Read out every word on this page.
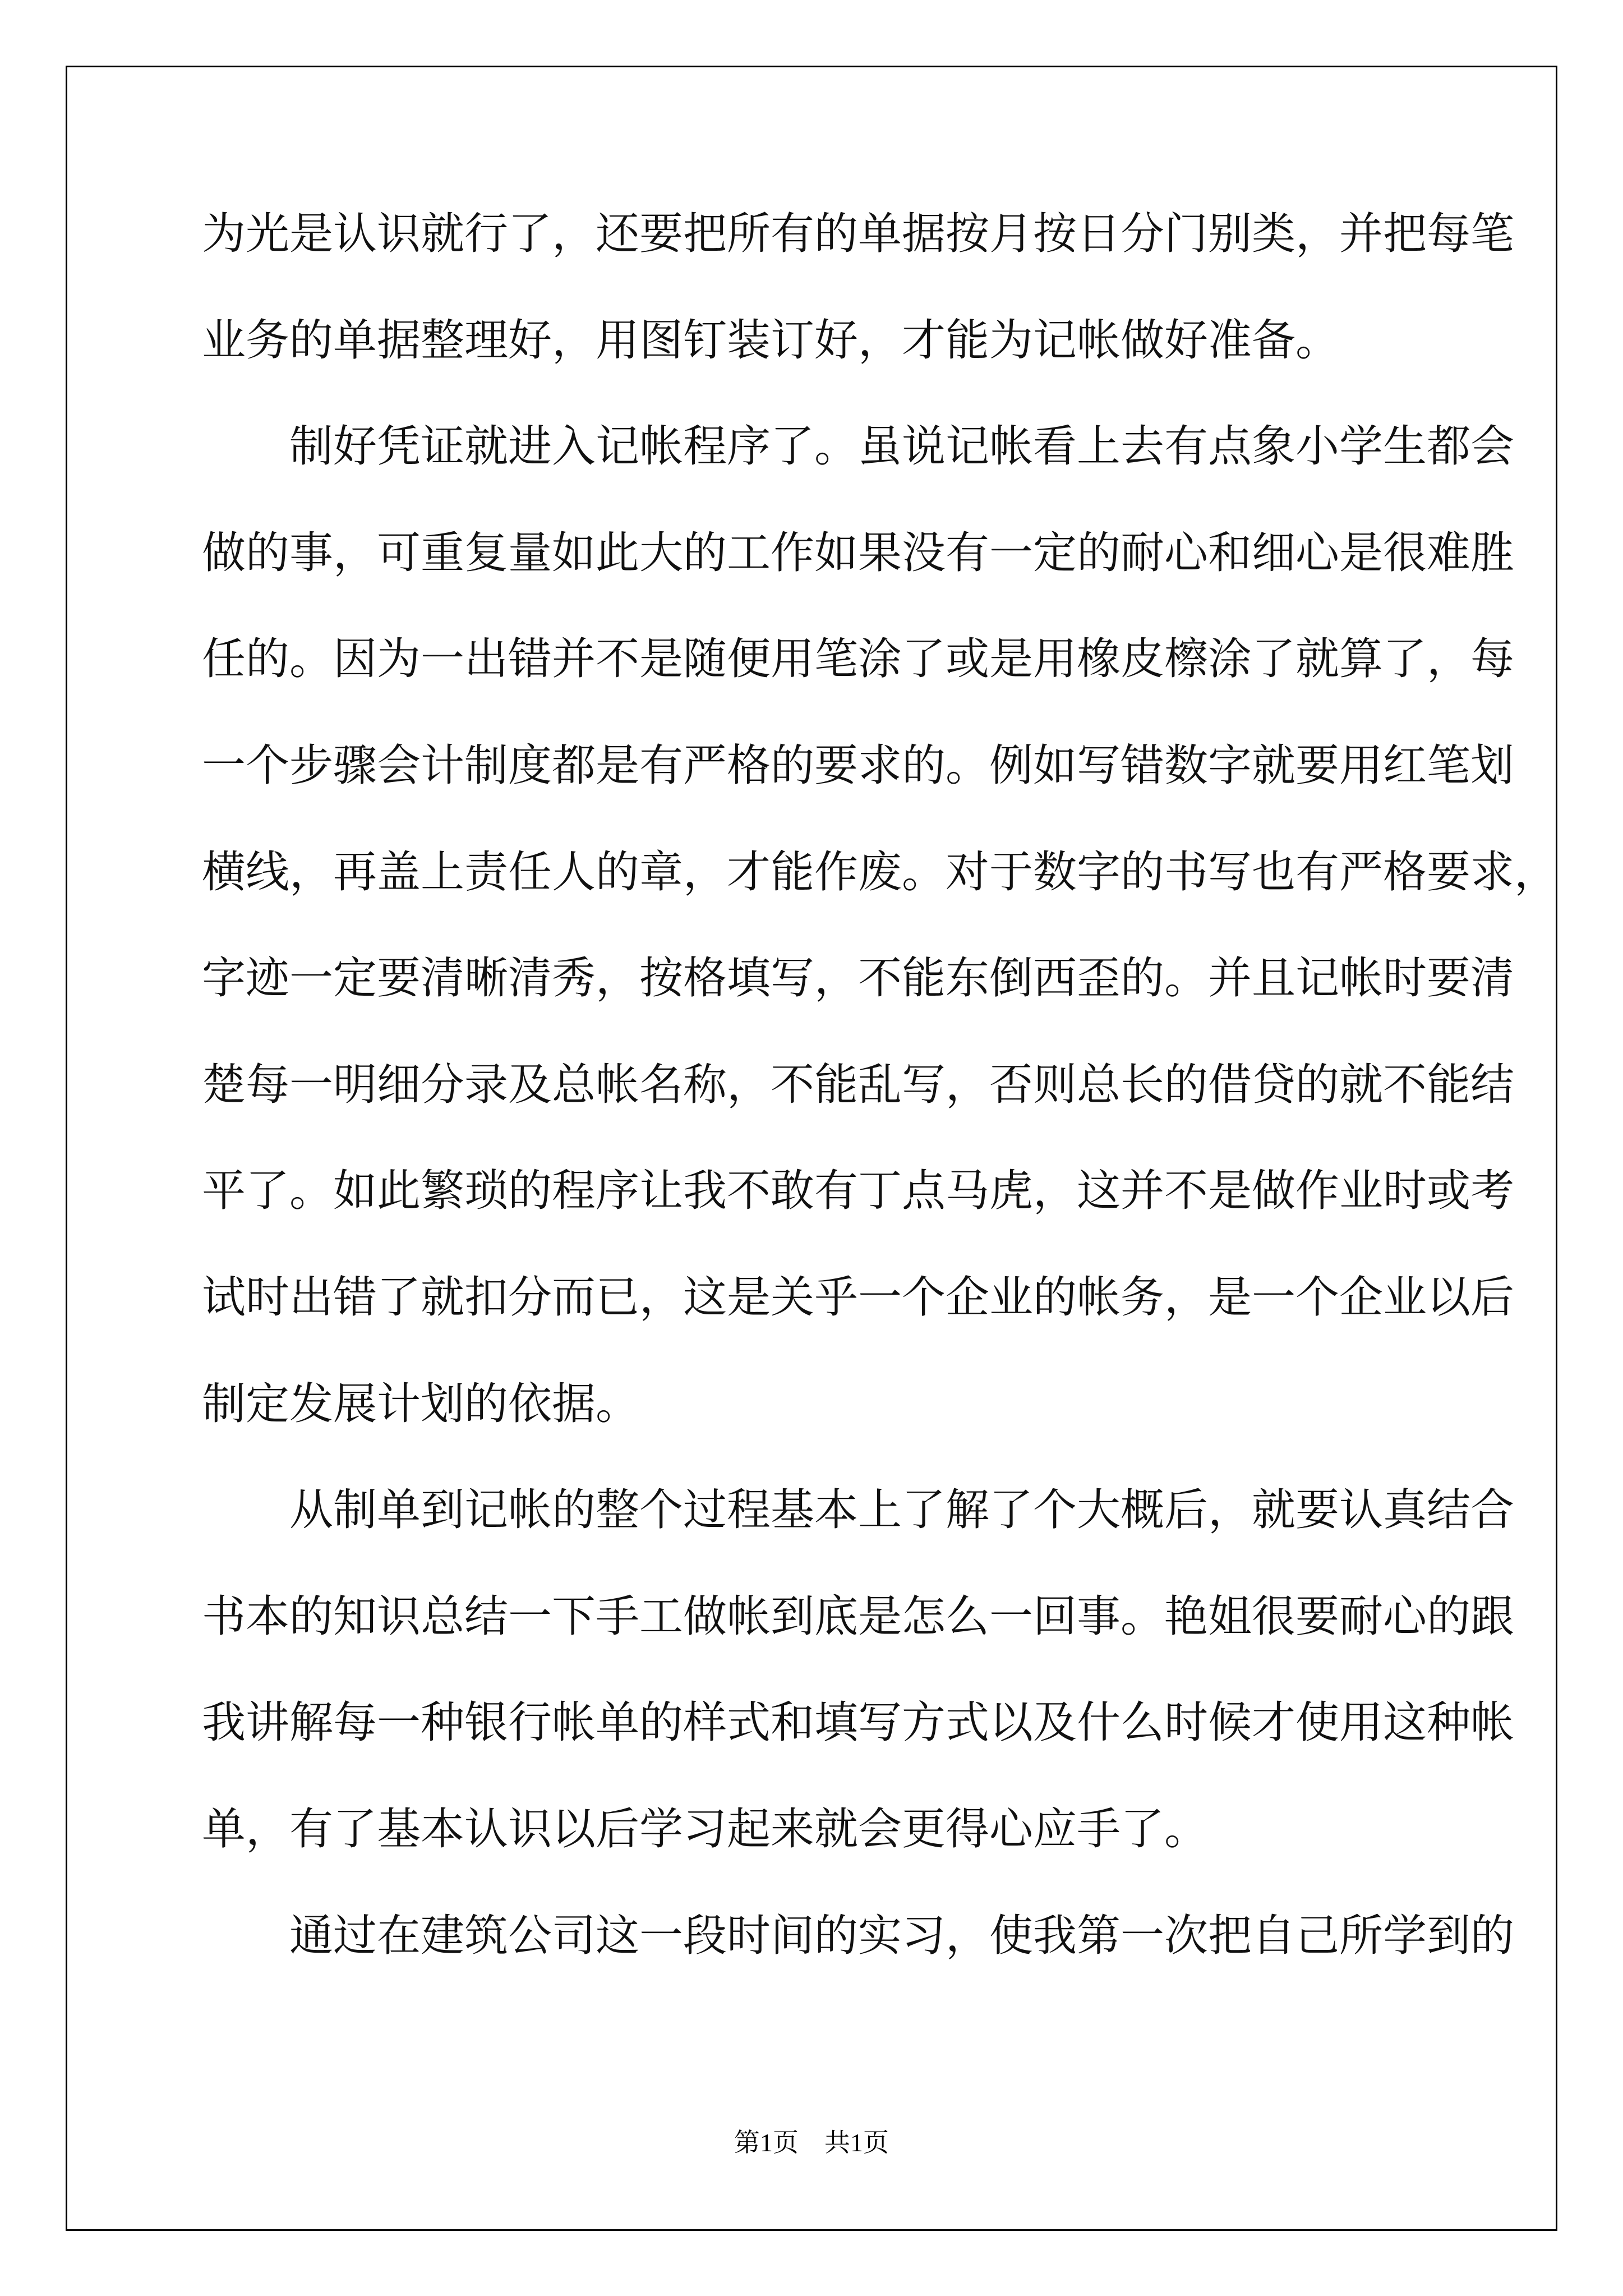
为光是认识就行了，还要把所有的单据按月按日分门别类，并把每笔

业务的单据整理好，用图钉装订好，才能为记帐做好准备。

　　制好凭证就进入记帐程序了。虽说记帐看上去有点象小学生都会

做的事，可重复量如此大的工作如果没有一定的耐心和细心是很难胜

任的。因为一出错并不是随便用笔涂了或是用橡皮檫涂了就算了，每

一个步骤会计制度都是有严格的要求的。例如写错数字就要用红笔划

横线，再盖上责任人的章，才能作废。对于数字的书写也有严格要求，

字迹一定要清晰清秀，按格填写，不能东倒西歪的。并且记帐时要清

楚每一明细分录及总帐名称，不能乱写，否则总长的借贷的就不能结

平了。如此繁琐的程序让我不敢有丁点马虎，这并不是做作业时或考

试时出错了就扣分而已，这是关乎一个企业的帐务，是一个企业以后

制定发展计划的依据。

　　从制单到记帐的整个过程基本上了解了个大概后，就要认真结合

书本的知识总结一下手工做帐到底是怎么一回事。艳姐很要耐心的跟

我讲解每一种银行帐单的样式和填写方式以及什么时候才使用这种帐

单，有了基本认识以后学习起来就会更得心应手了。

　　通过在建筑公司这一段时间的实习，使我第一次把自己所学到的

第1页　共1页
